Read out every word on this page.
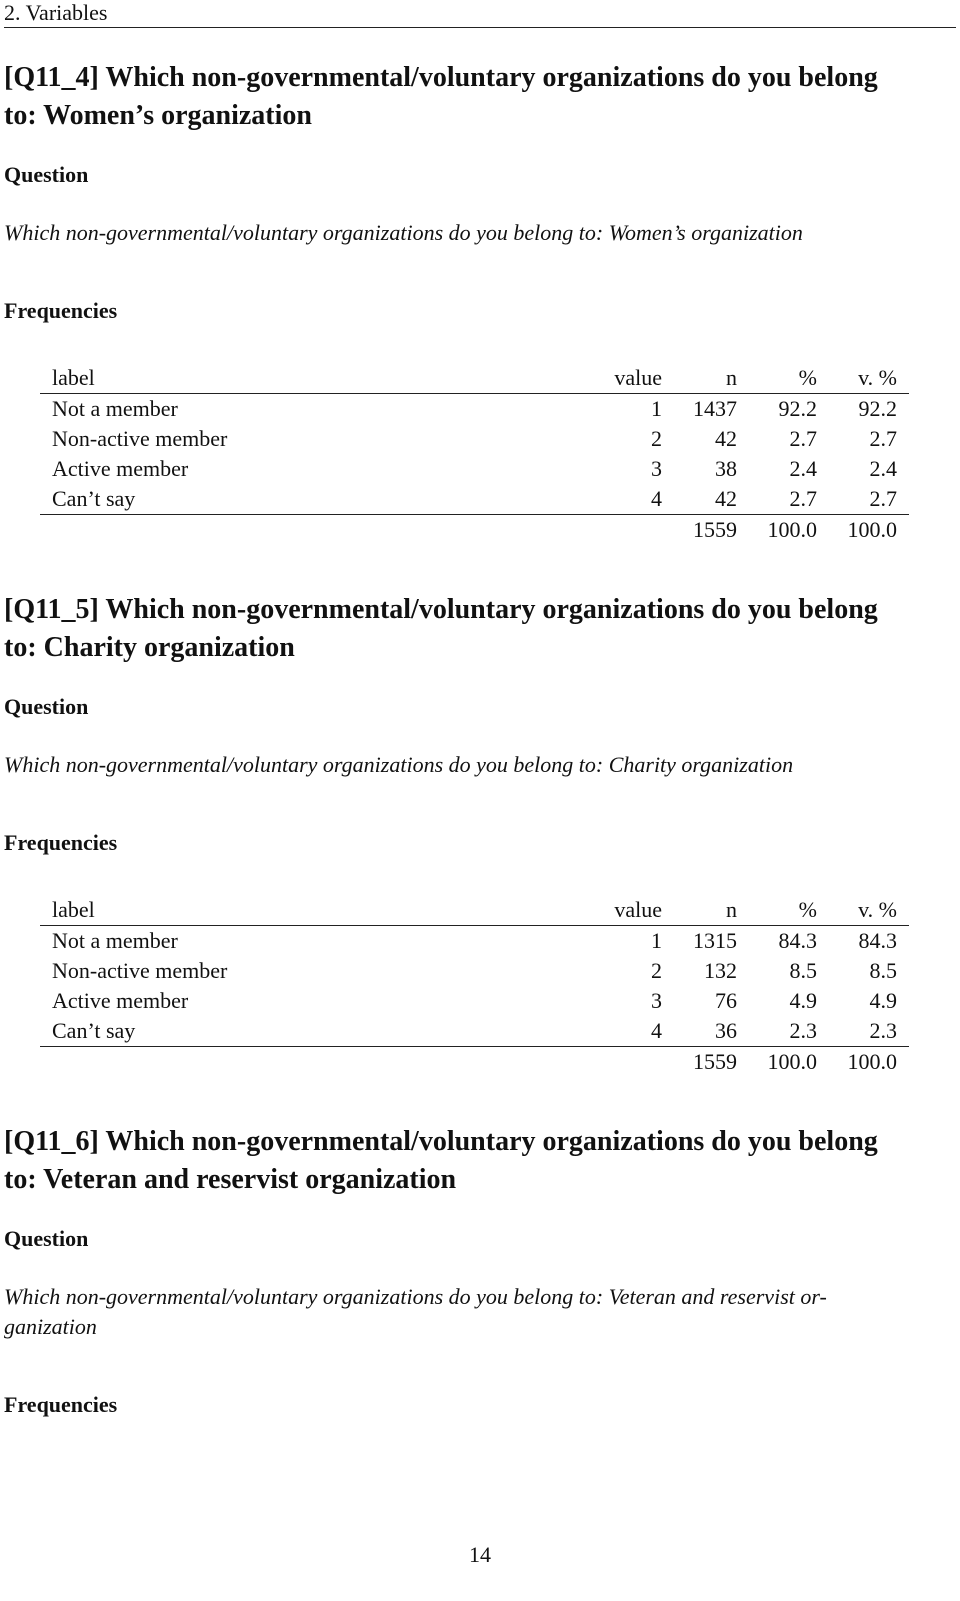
2. Variables
[Q11_4] Which non-governmental/voluntary organizations do you belong
to: Women’s organization
Question

Which non-governmental/voluntary organizations do you belong to: Women’s organization

Frequencies
label	value	n	%	v. %
Not a member	1	1437	92.2	92.2
Non-active member	2	42	2.7	2.7
Active member	3	38	2.4	2.4
Can’t say	4	42	2.7	2.7
		1559	100.0	100.0
[Q11_5] Which non-governmental/voluntary organizations do you belong
to: Charity organization
Question

Which non-governmental/voluntary organizations do you belong to: Charity organization

Frequencies
label	value	n	%	v. %
Not a member	1	1315	84.3	84.3
Non-active member	2	132	8.5	8.5
Active member	3	76	4.9	4.9
Can’t say	4	36	2.3	2.3
		1559	100.0	100.0
[Q11_6] Which non-governmental/voluntary organizations do you belong
to: Veteran and reservist organization
Question

Which non-governmental/voluntary organizations do you belong to: Veteran and reservist or-
ganization

Frequencies
14
